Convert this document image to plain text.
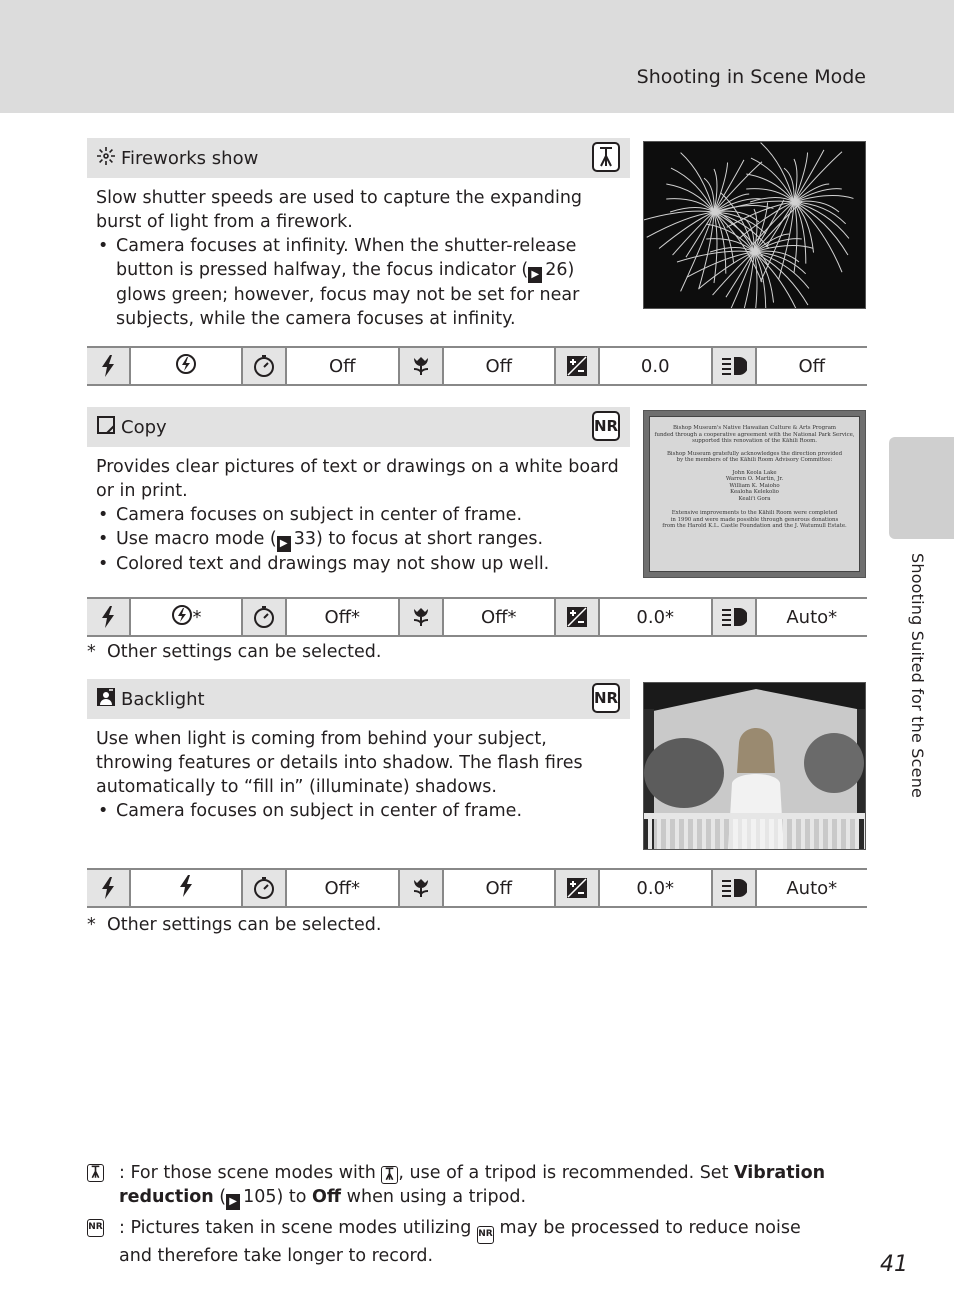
Shooting in Scene Mode
Shooting Suited for the Scene
Fireworks show

Slow shutter speeds are used to capture the expanding burst of light from a firework.

• Camera focuses at infinity. When the shutter-release button is pressed halfway, the focus indicator ( ▶ 26) glows green; however, focus may not be set for near subjects, while the camera focuses at infinity.
Off	Off	0.0	Off
Copy	NR

Provides clear pictures of text or drawings on a white board or in print.

• Camera focuses on subject in center of frame.
• Use macro mode ( ▶ 33) to focus at short ranges.
• Colored text and drawings may not show up well.
Bishop Museum's Native Hawaiian Culture & Arts Program
funded through a cooperative agreement with the National Park Service,
supported this renovation of the Kāhili Room.
Bishop Museum gratefully acknowledges the direction provided
by the members of the Kāhili Room Advisory Committee:
John Keola Lake
Warren O. Martin, Jr.
William K. Maioho
Kealoha Kelekolio
Keali'i Gora
Extensive improvements to the Kāhili Room were completed
in 1990 and were made possible through generous donations
from the Harold K.L. Castle Foundation and the J. Watumull Estate.
*	Off*	Off*	0.0*	Auto*
* Other settings can be selected.
Backlight	NR

Use when light is coming from behind your subject, throwing features or details into shadow. The flash fires automatically to “fill in” (illuminate) shadows.

• Camera focuses on subject in center of frame.
Off*	Off	0.0*	Auto*
* Other settings can be selected.
: For those scene modes with , use of a tripod is recommended. Set Vibration reduction ( ▶ 105) to Off when using a tripod.
NR : Pictures taken in scene modes utilizing NR may be processed to reduce noise and therefore take longer to record.	41
